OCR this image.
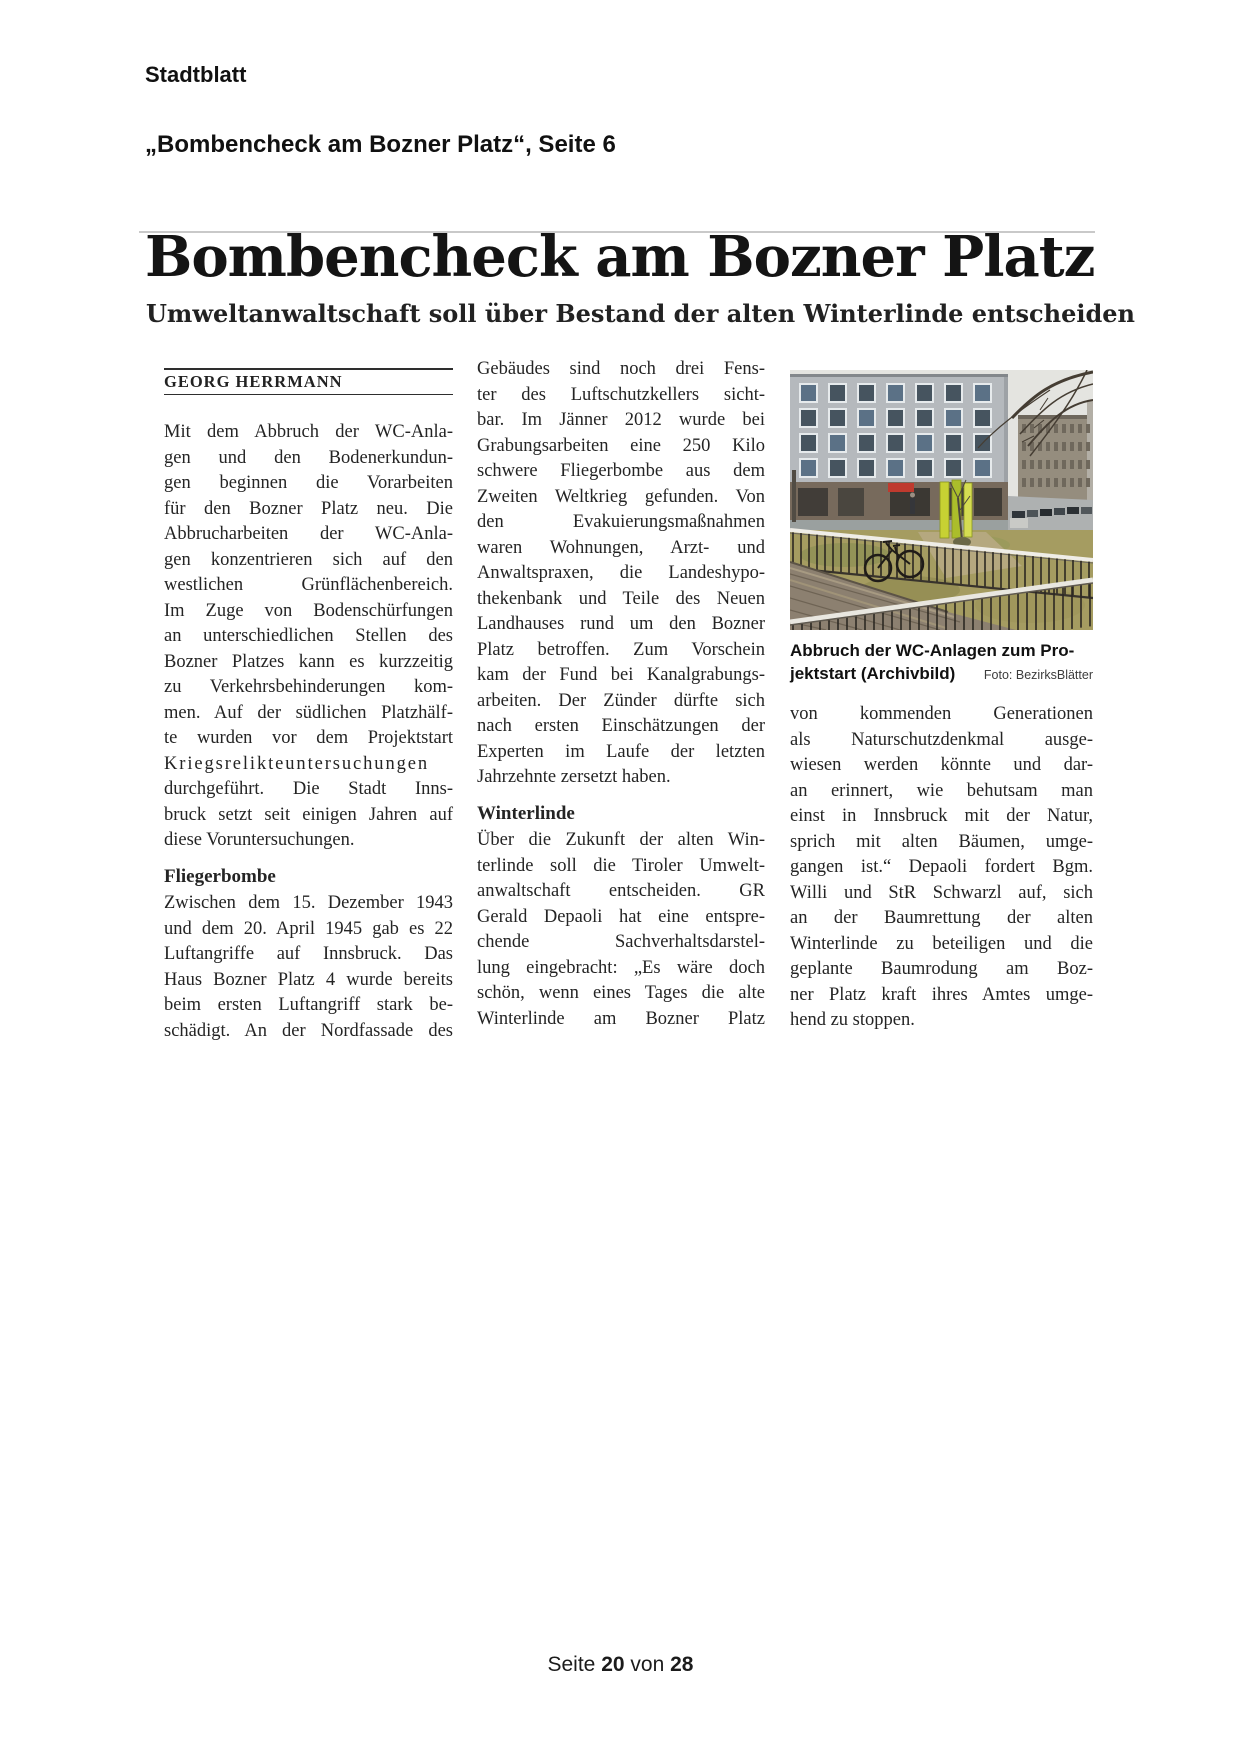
Stadtblatt
„Bombencheck am Bozner Platz“, Seite 6
Bombencheck am Bozner Platz
Umweltanwaltschaft soll über Bestand der alten Winterlinde entscheiden
GEORG HERRMANN
Mit dem Abbruch der WC-Anla-
gen und den Bodenerkundun-
gen beginnen die Vorarbeiten
für den Bozner Platz neu. Die
Abbrucharbeiten der WC-Anla-
gen konzentrieren sich auf den
westlichen Grünflächenbereich.
Im Zuge von Bodenschürfungen
an unterschiedlichen Stellen des
Bozner Platzes kann es kurzzeitig
zu Verkehrsbehinderungen kom-
men. Auf der südlichen Platzhälf-
te wurden vor dem Projektstart
Kriegsrelikteuntersuchungen
durchgeführt. Die Stadt Inns-
bruck setzt seit einigen Jahren auf
diese Voruntersuchungen.
Fliegerbombe
Zwischen dem 15. Dezember 1943
und dem 20. April 1945 gab es 22
Luftangriffe auf Innsbruck. Das
Haus Bozner Platz 4 wurde bereits
beim ersten Luftangriff stark be-
schädigt. An der Nordfassade des
Gebäudes sind noch drei Fens-
ter des Luftschutzkellers sicht-
bar. Im Jänner 2012 wurde bei
Grabungsarbeiten eine 250 Kilo
schwere Fliegerbombe aus dem
Zweiten Weltkrieg gefunden. Von
den Evakuierungsmaßnahmen
waren Wohnungen, Arzt- und
Anwaltspraxen, die Landeshypo-
thekenbank und Teile des Neuen
Landhauses rund um den Bozner
Platz betroffen. Zum Vorschein
kam der Fund bei Kanalgrabungs-
arbeiten. Der Zünder dürfte sich
nach ersten Einschätzungen der
Experten im Laufe der letzten
Jahrzehnte zersetzt haben.
Winterlinde
Über die Zukunft der alten Win-
terlinde soll die Tiroler Umwelt-
anwaltschaft entscheiden. GR
Gerald Depaoli hat eine entspre-
chende Sachverhaltsdarstel-
lung eingebracht: „Es wäre doch
schön, wenn eines Tages die alte
Winterlinde am Bozner Platz
von kommenden Generationen
als Naturschutzdenkmal ausge-
wiesen werden könnte und dar-
an erinnert, wie behutsam man
einst in Innsbruck mit der Natur,
sprich mit alten Bäumen, umge-
gangen ist.“ Depaoli fordert Bgm.
Willi und StR Schwarzl auf, sich
an der Baumrettung der alten
Winterlinde zu beteiligen und die
geplante Baumrodung am Boz-
ner Platz kraft ihres Amtes umge-
hend zu stoppen.
Abbruch der WC-Anlagen zum Pro-
jektstart (Archivbild) Foto: BezirksBlätter
Seite 20 von 28
